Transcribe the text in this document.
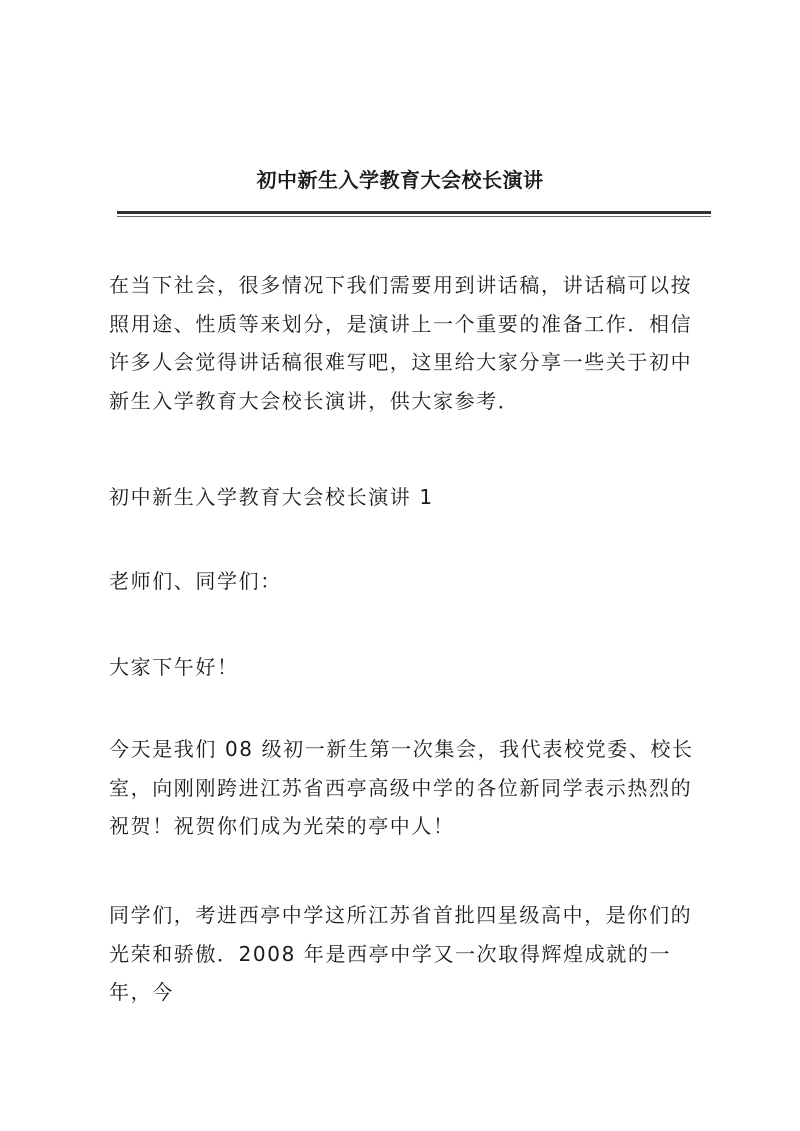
初中新生入学教育大会校长演讲

在当下社会，很多情况下我们需要用到讲话稿，讲话稿可以按照用途、性质等来划分，是演讲上一个重要的准备工作．相信许多人会觉得讲话稿很难写吧，这里给大家分享一些关于初中新生入学教育大会校长演讲，供大家参考．

初中新生入学教育大会校长演讲 1

老师们、同学们：

大家下午好！

今天是我们 08 级初一新生第一次集会，我代表校党委、校长室，向刚刚跨进江苏省西亭高级中学的各位新同学表示热烈的祝贺！祝贺你们成为光荣的亭中人！

同学们，考进西亭中学这所江苏省首批四星级高中，是你们的光荣和骄傲．2008 年是西亭中学又一次取得辉煌成就的一年，今
